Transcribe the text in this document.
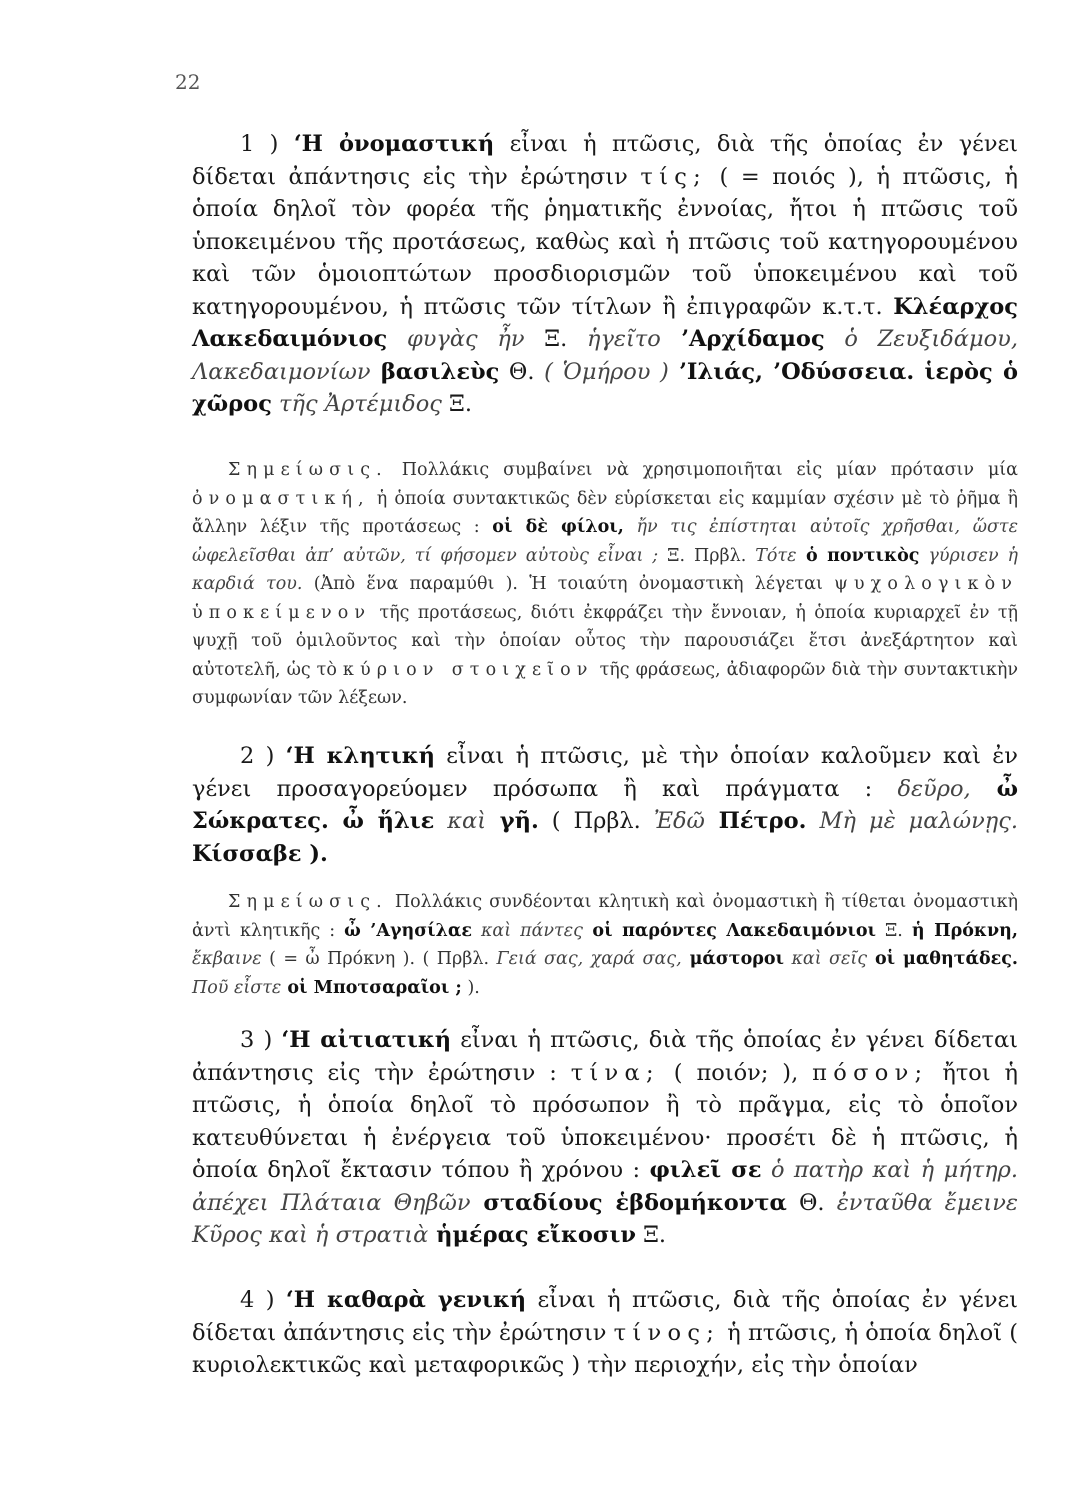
22
1 ) ‘Η ὀνομαστική εἶναι ἡ πτῶσις, διὰ τῆς ὁποίας ἐν γένει δίδεται ἀπάντησις εἰς τὴν ἐρώτησιν τίς; ( = ποιός ), ἡ πτῶσις, ἡ ὁποία δηλοῖ τὸν φορέα τῆς ῥηματικῆς ἐννοίας, ἤτοι ἡ πτῶσις τοῦ ὑποκειμένου τῆς προτάσεως, καθὼς καὶ ἡ πτῶσις τοῦ κατηγορουμένου καὶ τῶν ὁμοιοπτώτων προσδιορισμῶν τοῦ ὑποκειμένου καὶ τοῦ κατηγορουμένου, ἡ πτῶσις τῶν τίτλων ἢ ἐπιγραφῶν κ.τ.τ. Κλέαρχος Λακεδαιμόνιος φυγὰς ἦν Ξ. ἡγεῖτο ’Αρχίδαμος ὁ Ζευξιδάμου, Λακεδαιμονίων βασιλεὺς Θ. ( Ὁμήρου ) ’Ιλιάς, ’Οδύσσεια. ἱερὸς ὁ χῶρος τῆς Ἀρτέμιδος Ξ.
Σημείωσις. Πολλάκις συμβαίνει νὰ χρησιμοποιῆται εἰς μίαν πρότασιν μία ὀνομαστική, ἡ ὁποία συντακτικῶς δὲν εὑρίσκεται εἰς καμμίαν σχέσιν μὲ τὸ ῥῆμα ἢ ἄλλην λέξιν τῆς προτάσεως : οἱ δὲ φίλοι, ἤν τις ἐπίστηται αὐτοῖς χρῆσθαι, ὥστε ὠφελεῖσθαι ἀπ’ αὐτῶν, τί φήσομεν αὐτοὺς εἶναι ; Ξ. Πρβλ. Τότε ὁ ποντικὸς γύρισεν ἡ καρδιά του. (Ἀπὸ ἕνα παραμύθι ). Ἡ τοιαύτη ὀνομαστικὴ λέγεται ψυχολογικὸν ὑποκείμενον τῆς προτάσεως, διότι ἐκφράζει τὴν ἔννοιαν, ἡ ὁποία κυριαρχεῖ ἐν τῇ ψυχῇ τοῦ ὁμιλοῦντος καὶ τὴν ὁποίαν οὗτος τὴν παρουσιάζει ἔτσι ἀνεξάρτητον καὶ αὐτοτελῆ, ὡς τὸ κύριον στοιχεῖον τῆς φράσεως, ἀδιαφορῶν διὰ τὴν συντακτικὴν συμφωνίαν τῶν λέξεων.
2 ) ‘Η κλητική εἶναι ἡ πτῶσις, μὲ τὴν ὁποίαν καλοῦμεν καὶ ἐν γένει προσαγορεύομεν πρόσωπα ἢ καὶ πράγματα : δεῦρο, ὦ Σώκρατες. ὦ ἥλιε καὶ γῆ. ( Πρβλ. Ἐδῶ Πέτρο. Μὴ μὲ μαλώνῃς. Κίσσαβε ).
Σημείωσις. Πολλάκις συνδέονται κλητικὴ καὶ ὀνομαστικὴ ἢ τίθεται ὀνομαστικὴ ἀντὶ κλητικῆς : ὦ ’Αγησίλαε καὶ πάντες οἱ παρόντες Λακεδαιμόνιοι Ξ. ἡ Πρόκνη, ἔκβαινε ( = ὦ Πρόκνη ). ( Πρβλ. Γειά σας, χαρά σας, μάστοροι καὶ σεῖς οἱ μαθητάδες. Ποῦ εἶστε οἱ Μποτσαραῖοι ; ).
3 ) ‘Η αἰτιατική εἶναι ἡ πτῶσις, διὰ τῆς ὁποίας ἐν γένει δίδεται ἀπάντησις εἰς τὴν ἐρώτησιν : τίνα; ( ποιόν; ), πόσον; ἤτοι ἡ πτῶσις, ἡ ὁποία δηλοῖ τὸ πρόσωπον ἢ τὸ πρᾶγμα, εἰς τὸ ὁποῖον κατευθύνεται ἡ ἐνέργεια τοῦ ὑποκειμένου· προσέτι δὲ ἡ πτῶσις, ἡ ὁποία δηλοῖ ἔκτασιν τόπου ἢ χρόνου : φιλεῖ σε ὁ πατὴρ καὶ ἡ μήτηρ. ἀπέχει Πλάταια Θηβῶν σταδίους ἑβδομήκοντα Θ. ἐνταῦθα ἔμεινε Κῦρος καὶ ἡ στρατιὰ ἡμέρας εἴκοσιν Ξ.
4 ) ‘Η καθαρὰ γενική εἶναι ἡ πτῶσις, διὰ τῆς ὁποίας ἐν γένει δίδεται ἀπάντησις εἰς τὴν ἐρώτησιν τίνος; ἡ πτῶσις, ἡ ὁποία δηλοῖ ( κυριολεκτικῶς καὶ μεταφορικῶς ) τὴν περιοχήν, εἰς τὴν ὁποίαν
